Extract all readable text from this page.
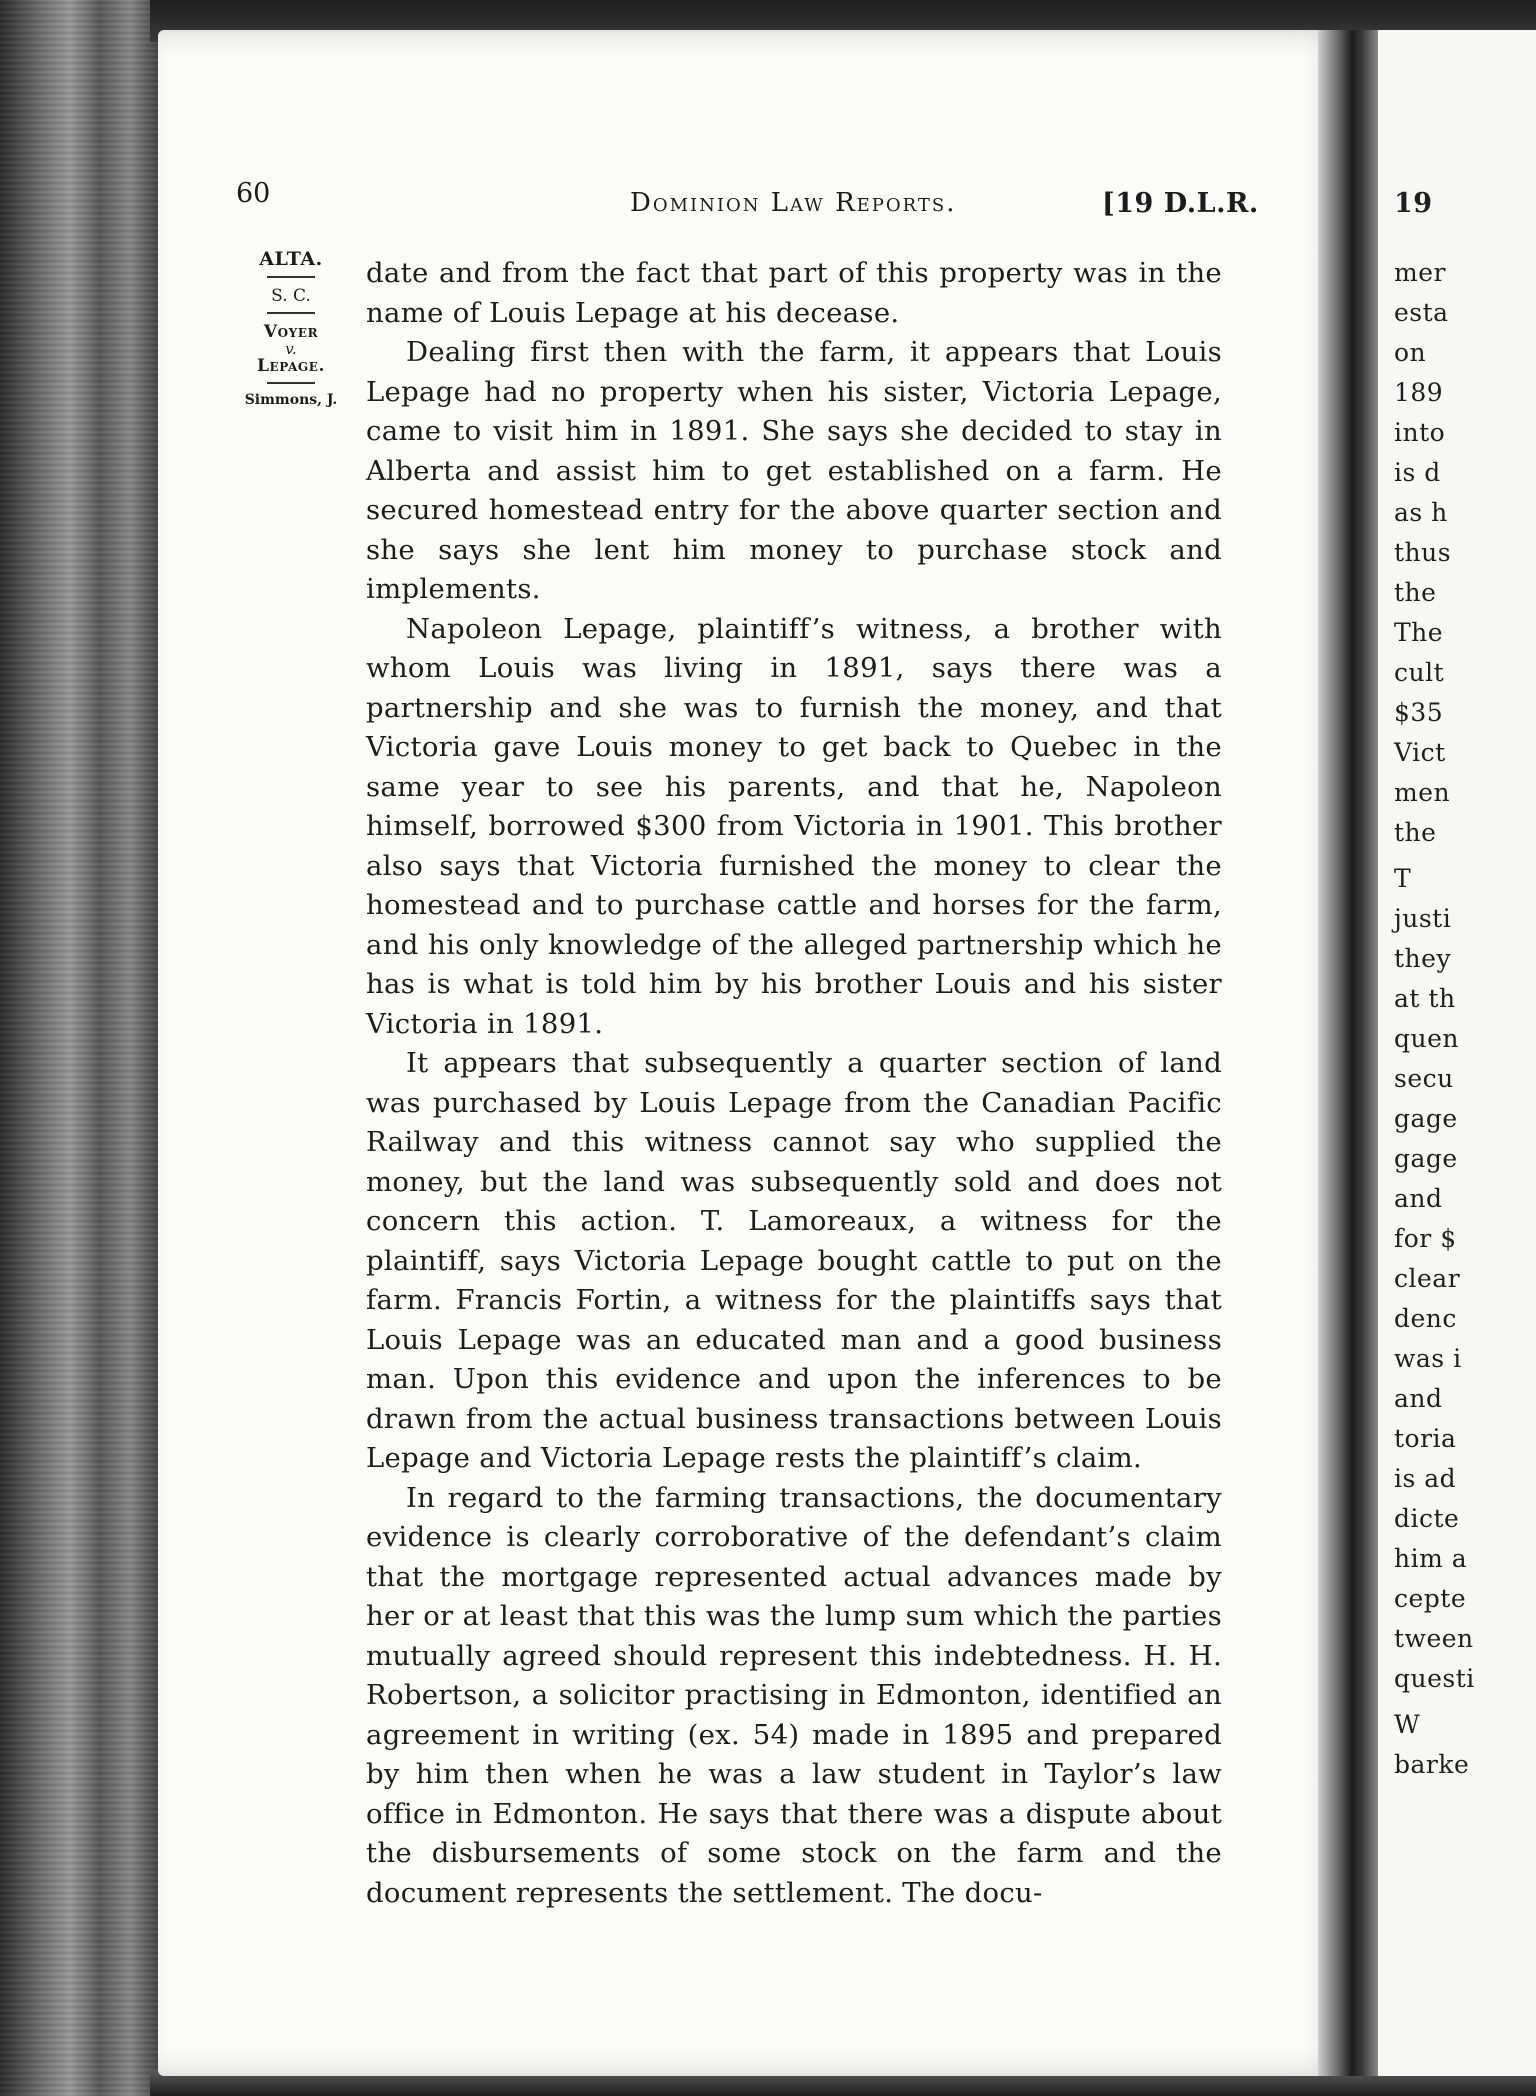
60	Dominion Law Reports.	[19 D.L.R.
ALTA.
S. C.
Voyer
v.
Lepage.
Simmons, J.

date and from the fact that part of this property was in the name of Louis Lepage at his decease.

Dealing first then with the farm, it appears that Louis Lepage had no property when his sister, Victoria Lepage, came to visit him in 1891. She says she decided to stay in Alberta and assist him to get established on a farm. He secured homestead entry for the above quarter section and she says she lent him money to purchase stock and implements.

Napoleon Lepage, plaintiff’s witness, a brother with whom Louis was living in 1891, says there was a partnership and she was to furnish the money, and that Victoria gave Louis money to get back to Quebec in the same year to see his parents, and that he, Napoleon himself, borrowed $300 from Victoria in 1901. This brother also says that Victoria furnished the money to clear the homestead and to purchase cattle and horses for the farm, and his only knowledge of the alleged partnership which he has is what is told him by his brother Louis and his sister Victoria in 1891.

It appears that subsequently a quarter section of land was purchased by Louis Lepage from the Canadian Pacific Railway and this witness cannot say who supplied the money, but the land was subsequently sold and does not concern this action. T. Lamoreaux, a witness for the plaintiff, says Victoria Lepage bought cattle to put on the farm. Francis Fortin, a witness for the plaintiffs says that Louis Lepage was an educated man and a good business man. Upon this evidence and upon the inferences to be drawn from the actual business transactions between Louis Lepage and Victoria Lepage rests the plaintiff’s claim.

In regard to the farming transactions, the documentary evidence is clearly corroborative of the defendant’s claim that the mortgage represented actual advances made by her or at least that this was the lump sum which the parties mutually agreed should represent this indebtedness. H. H. Robertson, a solicitor practising in Edmonton, identified an agreement in writing (ex. 54) made in 1895 and prepared by him then when he was a law student in Taylor’s law office in Edmonton. He says that there was a dispute about the disbursements of some stock on the farm and the document represents the settlement. The docu-

19
mer
esta
on
189
into
is d
as h
thus
the
The
cult
$35
Vict
men
the
T
justi
they
at th
quen
secu
gage
gage
and
for $
clear
denc
was i
and
toria
is ad
dicte
him a
cepte
tween
questi
W
barke
